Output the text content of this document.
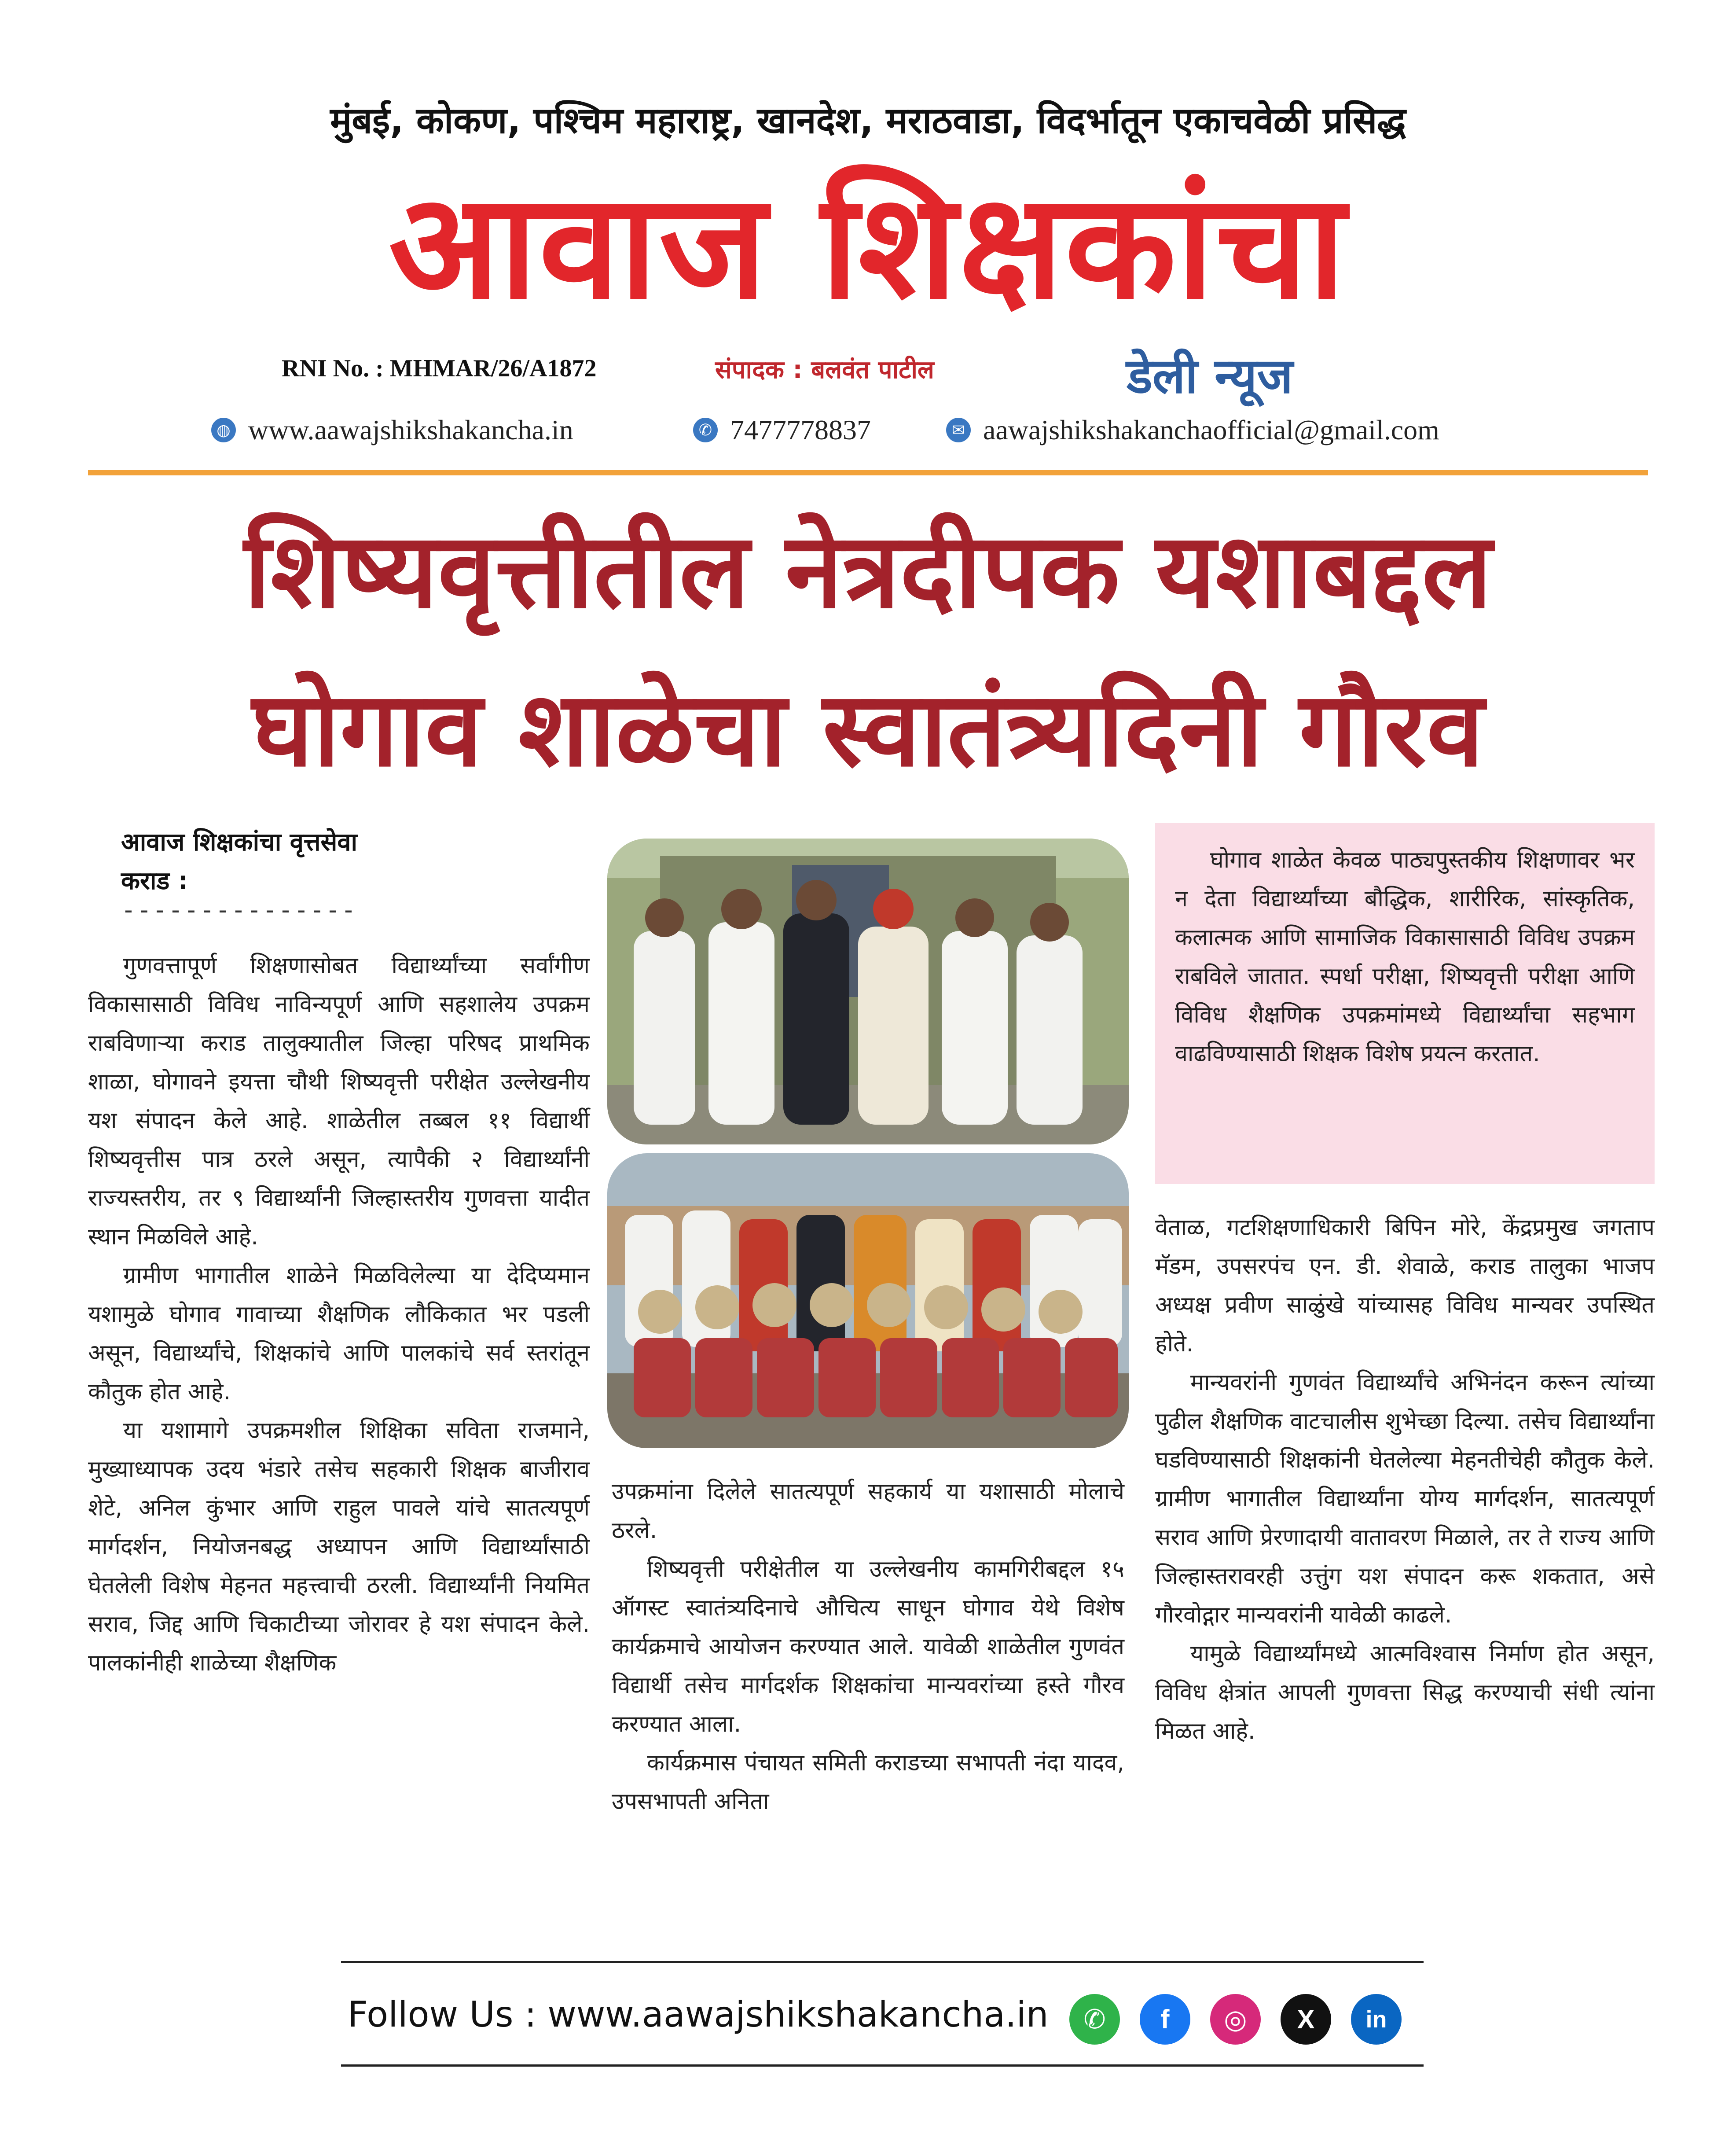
मुंबई, कोकण, पश्चिम महाराष्ट्र, खानदेश, मराठवाडा, विदर्भातून एकाचवेळी प्रसिद्ध
आवाज शिक्षकांचा
RNI No. : MHMAR/26/A1872	संपादक : बलवंत पाटील	डेली न्यूज
◍ www.aawajshikshakancha.in	✆ 7477778837	✉ aawajshikshakanchaofficial@gmail.com
शिष्यवृत्तीतील नेत्रदीपक यशाबद्दल
घोगाव शाळेचा स्वातंत्र्यदिनी गौरव
आवाज शिक्षकांचा वृत्तसेवा
कराड :
---------------

गुणवत्तापूर्ण शिक्षणासोबत विद्यार्थ्यांच्या सर्वांगीण विकासासाठी विविध नाविन्यपूर्ण आणि सहशालेय उपक्रम राबविणाऱ्या कराड तालुक्यातील जिल्हा परिषद प्राथमिक शाळा, घोगावने इयत्ता चौथी शिष्यवृत्ती परीक्षेत उल्लेखनीय यश संपादन केले आहे. शाळेतील तब्बल ११ विद्यार्थी शिष्यवृत्तीस पात्र ठरले असून, त्यापैकी २ विद्यार्थ्यांनी राज्यस्तरीय, तर ९ विद्यार्थ्यांनी जिल्हास्तरीय गुणवत्ता यादीत स्थान मिळविले आहे.

ग्रामीण भागातील शाळेने मिळविलेल्या या देदिप्यमान यशामुळे घोगाव गावाच्या शैक्षणिक लौकिकात भर पडली असून, विद्यार्थ्यांचे, शिक्षकांचे आणि पालकांचे सर्व स्तरांतून कौतुक होत आहे.

या यशामागे उपक्रमशील शिक्षिका सविता राजमाने, मुख्याध्यापक उदय भंडारे तसेच सहकारी शिक्षक बाजीराव शेटे, अनिल कुंभार आणि राहुल पावले यांचे सातत्यपूर्ण मार्गदर्शन, नियोजनबद्ध अध्यापन आणि विद्यार्थ्यांसाठी घेतलेली विशेष मेहनत महत्त्वाची ठरली. विद्यार्थ्यांनी नियमित सराव, जिद्द आणि चिकाटीच्या जोरावर हे यश संपादन केले. पालकांनीही शाळेच्या शैक्षणिक

उपक्रमांना दिलेले सातत्यपूर्ण सहकार्य या यशासाठी मोलाचे ठरले.

शिष्यवृत्ती परीक्षेतील या उल्लेखनीय कामगिरीबद्दल १५ ऑगस्ट स्वातंत्र्यदिनाचे औचित्य साधून घोगाव येथे विशेष कार्यक्रमाचे आयोजन करण्यात आले. यावेळी शाळेतील गुणवंत विद्यार्थी तसेच मार्गदर्शक शिक्षकांचा मान्यवरांच्या हस्ते गौरव करण्यात आला.

कार्यक्रमास पंचायत समिती कराडच्या सभापती नंदा यादव, उपसभापती अनिता

घोगाव शाळेत केवळ पाठ्यपुस्तकीय शिक्षणावर भर न देता विद्यार्थ्यांच्या बौद्धिक, शारीरिक, सांस्कृतिक, कलात्मक आणि सामाजिक विकासासाठी विविध उपक्रम राबविले जातात. स्पर्धा परीक्षा, शिष्यवृत्ती परीक्षा आणि विविध शैक्षणिक उपक्रमांमध्ये विद्यार्थ्यांचा सहभाग वाढविण्यासाठी शिक्षक विशेष प्रयत्न करतात.

वेताळ, गटशिक्षणाधिकारी बिपिन मोरे, केंद्रप्रमुख जगताप मॅडम, उपसरपंच एन. डी. शेवाळे, कराड तालुका भाजप अध्यक्ष प्रवीण साळुंखे यांच्यासह विविध मान्यवर उपस्थित होते.

मान्यवरांनी गुणवंत विद्यार्थ्यांचे अभिनंदन करून त्यांच्या पुढील शैक्षणिक वाटचालीस शुभेच्छा दिल्या. तसेच विद्यार्थ्यांना घडविण्यासाठी शिक्षकांनी घेतलेल्या मेहनतीचेही कौतुक केले. ग्रामीण भागातील विद्यार्थ्यांना योग्य मार्गदर्शन, सातत्यपूर्ण सराव आणि प्रेरणादायी वातावरण मिळाले, तर ते राज्य आणि जिल्हास्तरावरही उत्तुंग यश संपादन करू शकतात, असे गौरवोद्गार मान्यवरांनी यावेळी काढले.

यामुळे विद्यार्थ्यांमध्ये आत्मविश्वास निर्माण होत असून, विविध क्षेत्रांत आपली गुणवत्ता सिद्ध करण्याची संधी त्यांना मिळत आहे.

Follow Us : www.aawajshikshakancha.in	✆	f	◎	X	in
